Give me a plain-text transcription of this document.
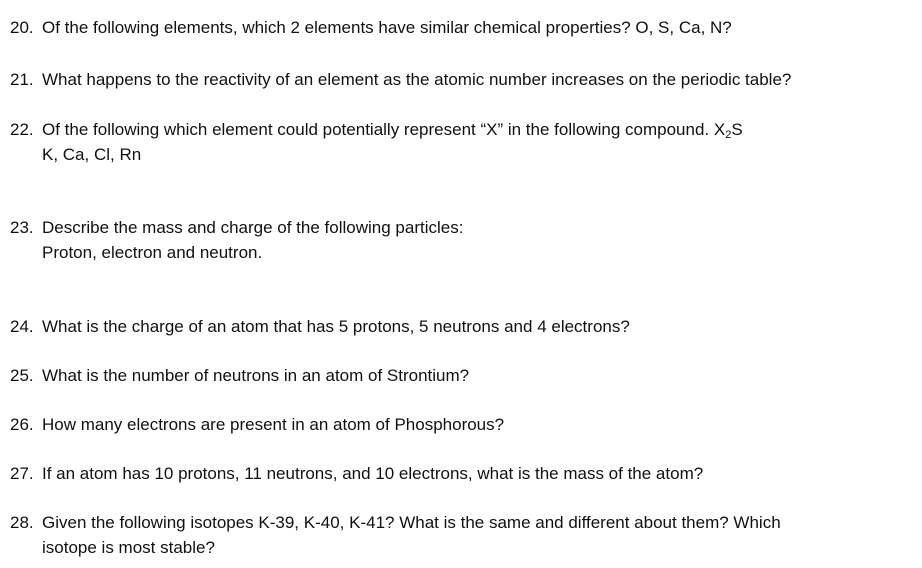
20. Of the following elements, which 2 elements have similar chemical properties? O, S, Ca, N?
21. What happens to the reactivity of an element as the atomic number increases on the periodic table?
22. Of the following which element could potentially represent “X” in the following compound. $X_2S$
K, Ca, Cl, Rn
23. Describe the mass and charge of the following particles:
Proton, electron and neutron.
24. What is the charge of an atom that has 5 protons, 5 neutrons and 4 electrons?
25. What is the number of neutrons in an atom of Strontium?
26. How many electrons are present in an atom of Phosphorous?
27. If an atom has 10 protons, 11 neutrons, and 10 electrons, what is the mass of the atom?
28. Given the following isotopes K-39, K-40, K-41? What is the same and different about them? Which
isotope is most stable?
